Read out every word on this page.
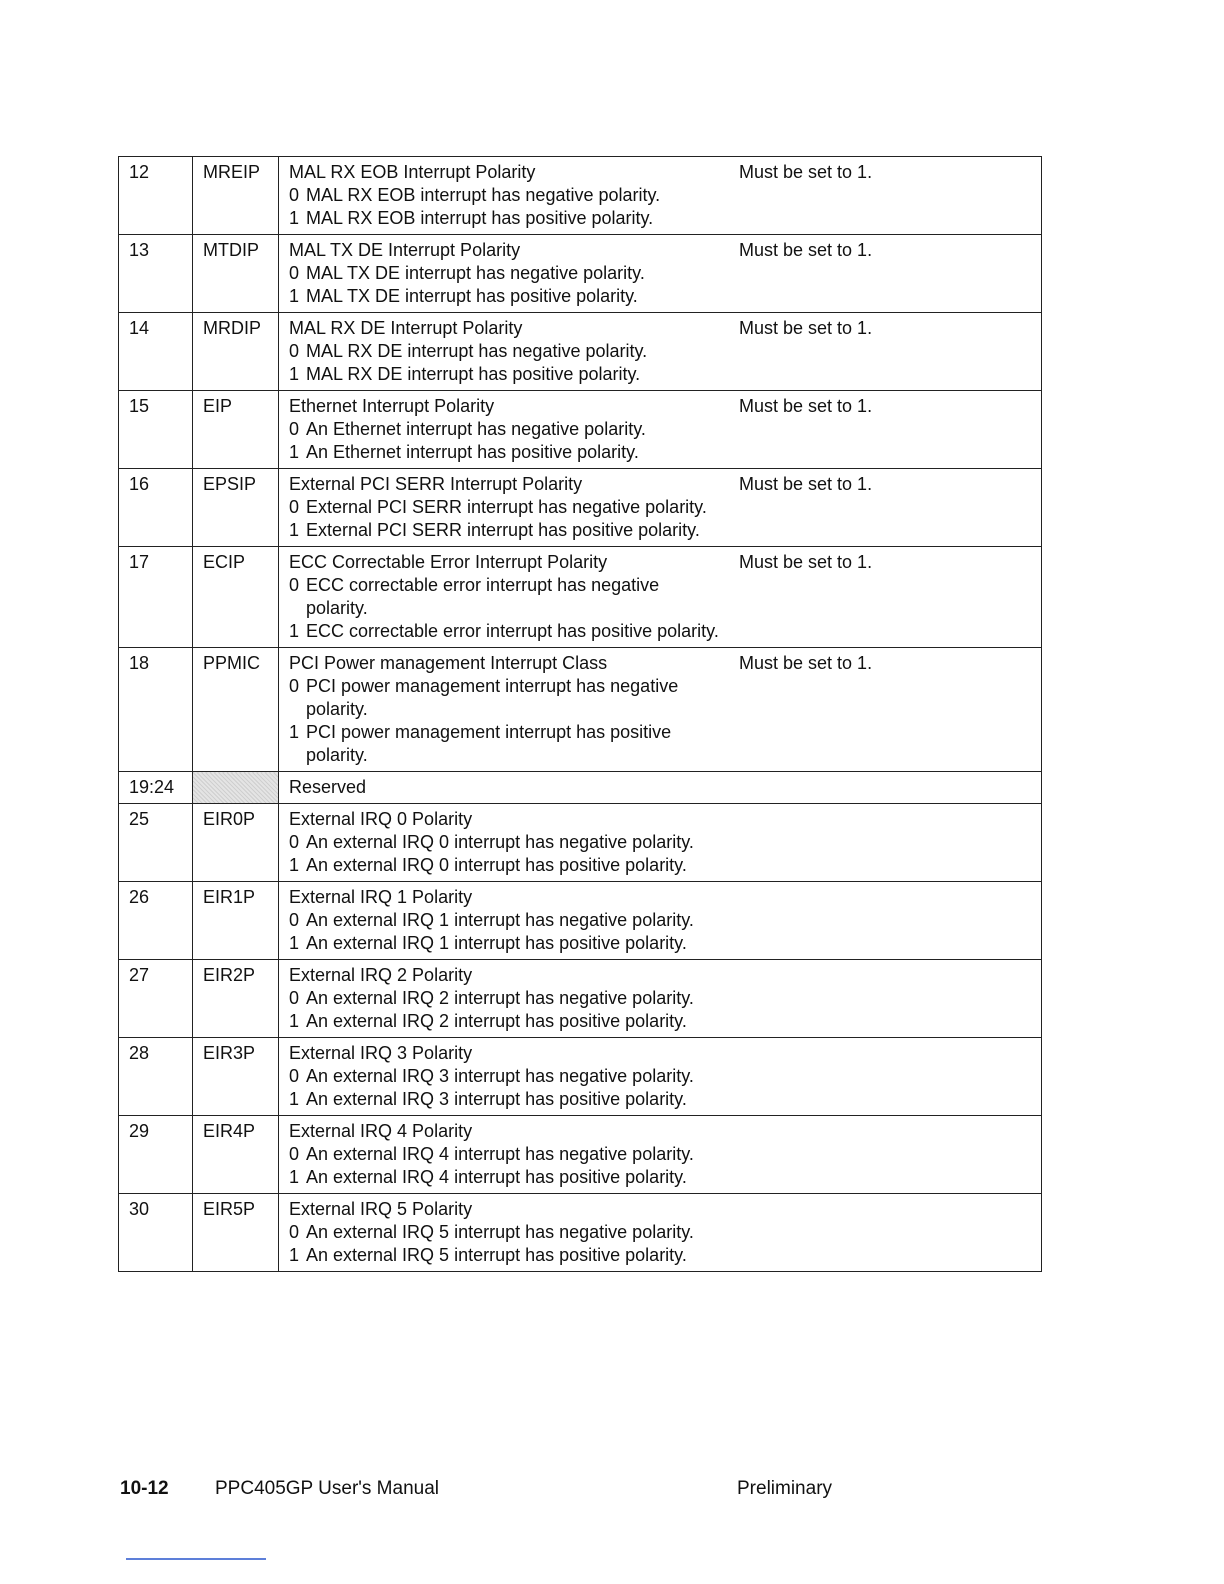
12	MREIP	MAL RX EOB Interrupt Polarity
0 MAL RX EOB interrupt has negative polarity.
1 MAL RX EOB interrupt has positive polarity.	Must be set to 1.
13	MTDIP	MAL TX DE Interrupt Polarity
0 MAL TX DE interrupt has negative polarity.
1 MAL TX DE interrupt has positive polarity.	Must be set to 1.
14	MRDIP	MAL RX DE Interrupt Polarity
0 MAL RX DE interrupt has negative polarity.
1 MAL RX DE interrupt has positive polarity.	Must be set to 1.
15	EIP	Ethernet Interrupt Polarity
0 An Ethernet interrupt has negative polarity.
1 An Ethernet interrupt has positive polarity.	Must be set to 1.
16	EPSIP	External PCI SERR Interrupt Polarity
0 External PCI SERR interrupt has negative polarity.
1 External PCI SERR interrupt has positive polarity.	Must be set to 1.
17	ECIP	ECC Correctable Error Interrupt Polarity
0 ECC correctable error interrupt has negative polarity.
1 ECC correctable error interrupt has positive polarity.	Must be set to 1.
18	PPMIC	PCI Power management Interrupt Class
0 PCI power management interrupt has negative polarity.
1 PCI power management interrupt has positive polarity.	Must be set to 1.
19:24		Reserved	

25	EIR0P	External IRQ 0 Polarity
0 An external IRQ 0 interrupt has negative polarity.
1 An external IRQ 0 interrupt has positive polarity.	

26	EIR1P	External IRQ 1 Polarity
0 An external IRQ 1 interrupt has negative polarity.
1 An external IRQ 1 interrupt has positive polarity.	

27	EIR2P	External IRQ 2 Polarity
0 An external IRQ 2 interrupt has negative polarity.
1 An external IRQ 2 interrupt has positive polarity.	

28	EIR3P	External IRQ 3 Polarity
0 An external IRQ 3 interrupt has negative polarity.
1 An external IRQ 3 interrupt has positive polarity.	

29	EIR4P	External IRQ 4 Polarity
0 An external IRQ 4 interrupt has negative polarity.
1 An external IRQ 4 interrupt has positive polarity.	

30	EIR5P	External IRQ 5 Polarity
0 An external IRQ 5 interrupt has negative polarity.
1 An external IRQ 5 interrupt has positive polarity.	

10-12 PPC405GP User's Manual	Preliminary
